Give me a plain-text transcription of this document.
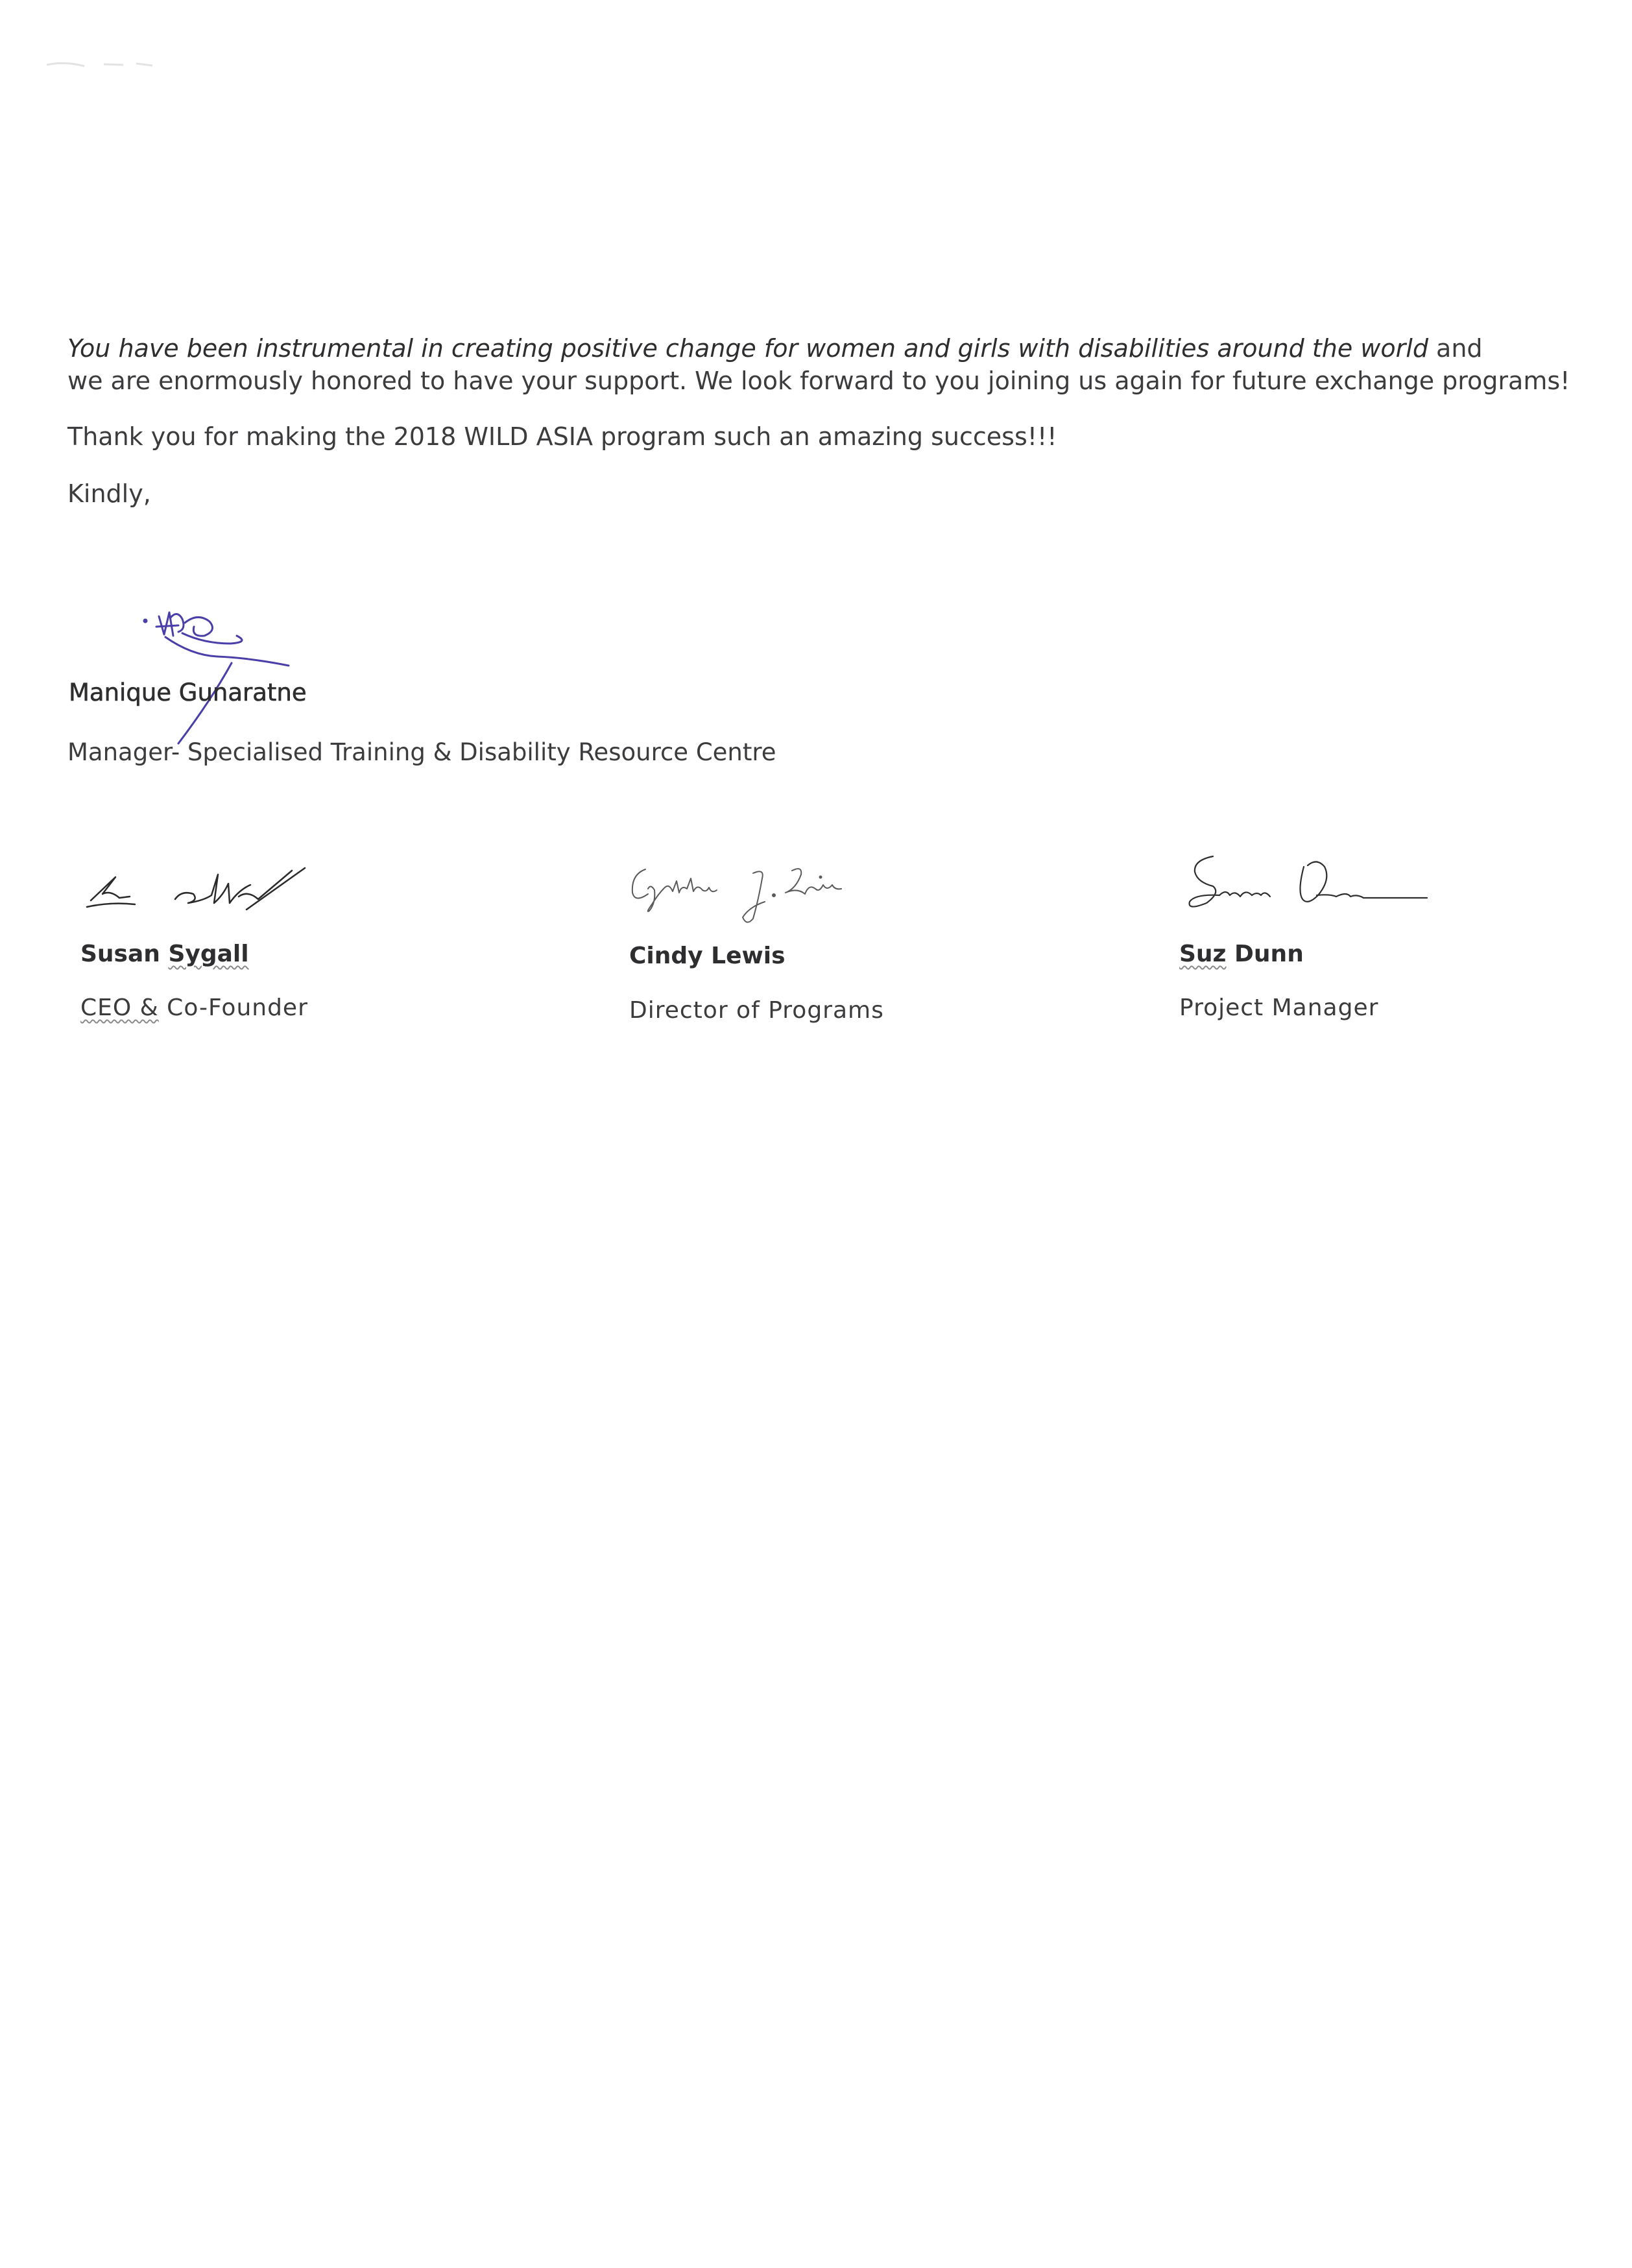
You have been instrumental in creating positive change for women and girls with disabilities around the world and
we are enormously honored to have your support. We look forward to you joining us again for future exchange programs!
Thank you for making the 2018 WILD ASIA program such an amazing success!!!
Kindly,
Manique Gunaratne
Manager- Specialised Training & Disability Resource Centre
Susan Sygall
CEO & Co-Founder
Cindy Lewis
Director of Programs
Suz Dunn
Project Manager
